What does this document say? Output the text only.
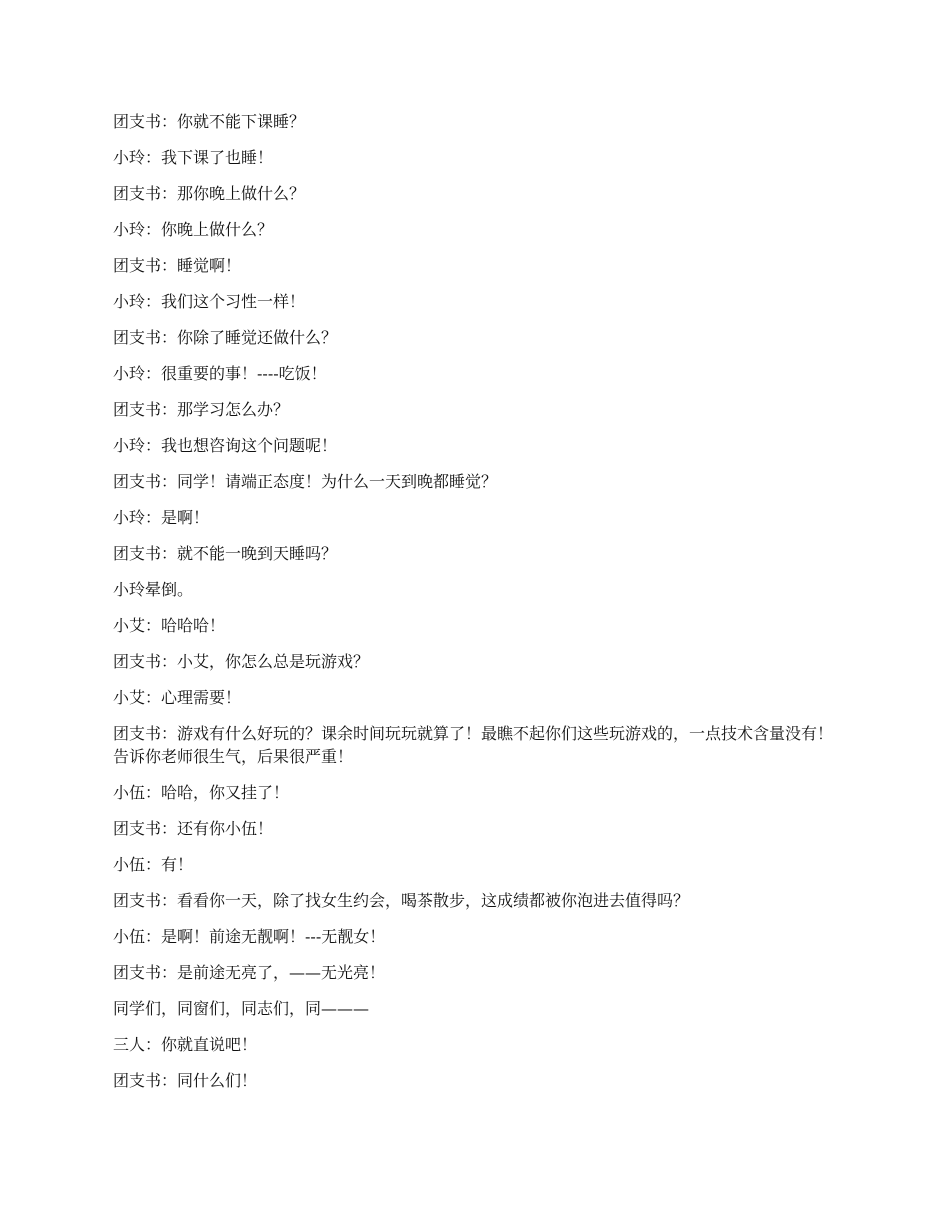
团支书：你就不能下课睡？

小玲：我下课了也睡！

团支书：那你晚上做什么？

小玲：你晚上做什么？

团支书：睡觉啊！

小玲：我们这个习性一样！

团支书：你除了睡觉还做什么？

小玲：很重要的事！----吃饭！

团支书：那学习怎么办？

小玲：我也想咨询这个问题呢！

团支书：同学！请端正态度！为什么一天到晚都睡觉？

小玲：是啊！

团支书：就不能一晚到天睡吗？

小玲晕倒。

小艾：哈哈哈！

团支书：小艾，你怎么总是玩游戏？

小艾：心理需要！

团支书：游戏有什么好玩的？课余时间玩玩就算了！最瞧不起你们这些玩游戏的，一点技术含量没有！告诉你老师很生气，后果很严重！

小伍：哈哈，你又挂了！

团支书：还有你小伍！

小伍：有！

团支书：看看你一天，除了找女生约会，喝茶散步，这成绩都被你泡进去值得吗？

小伍：是啊！前途无靓啊！---无靓女！

团支书：是前途无亮了，——无光亮！

同学们，同窗们，同志们，同———

三人：你就直说吧！

团支书：同什么们！
